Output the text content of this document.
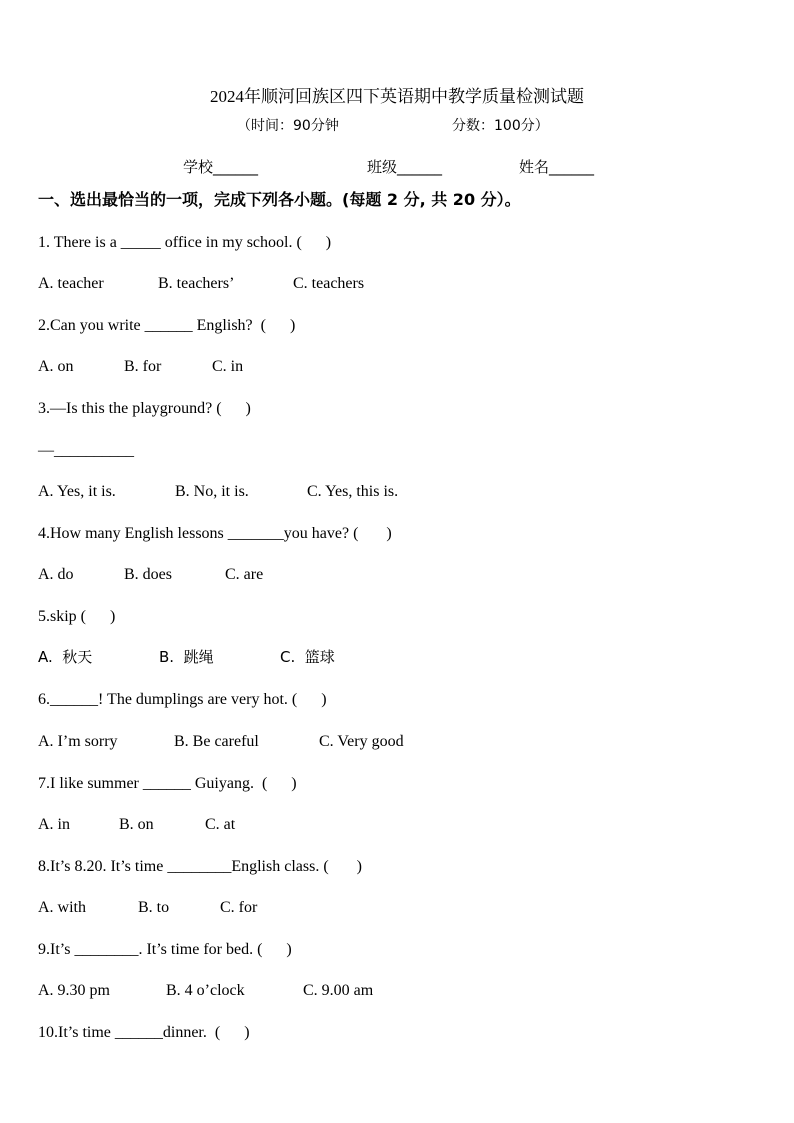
2024年顺河回族区四下英语期中教学质量检测试题
（时间：90分钟	分数：100分）
学校______	班级______	姓名______
一、选出最恰当的一项，完成下列各小题。(每题 2 分, 共 20 分）。
1. There is a _____ office in my school. (      )
A. teacher	B. teachers’	C. teachers
2.Can you write ______ English?  (      )
A. on	B. for	C. in
3.—Is this the playground? (      )
—__________
A. Yes, it is.	B. No, it is.	C. Yes, this is.
4.How many English lessons _______you have? (       )
A. do	B. does	C. are
5.skip (      )
A.  秋天	B.  跳绳	C.  篮球
6.______! The dumplings are very hot. (      )
A. I’m sorry	B. Be careful	C. Very good
7.I like summer ______ Guiyang.  (      )
A. in	B. on	C. at
8.It’s 8.20. It’s time ________English class. (       )
A. with	B. to	C. for
9.It’s ________. It’s time for bed. (      )
A. 9.30 pm	B. 4 o’clock	C. 9.00 am
10.It’s time ______dinner.  (      )
